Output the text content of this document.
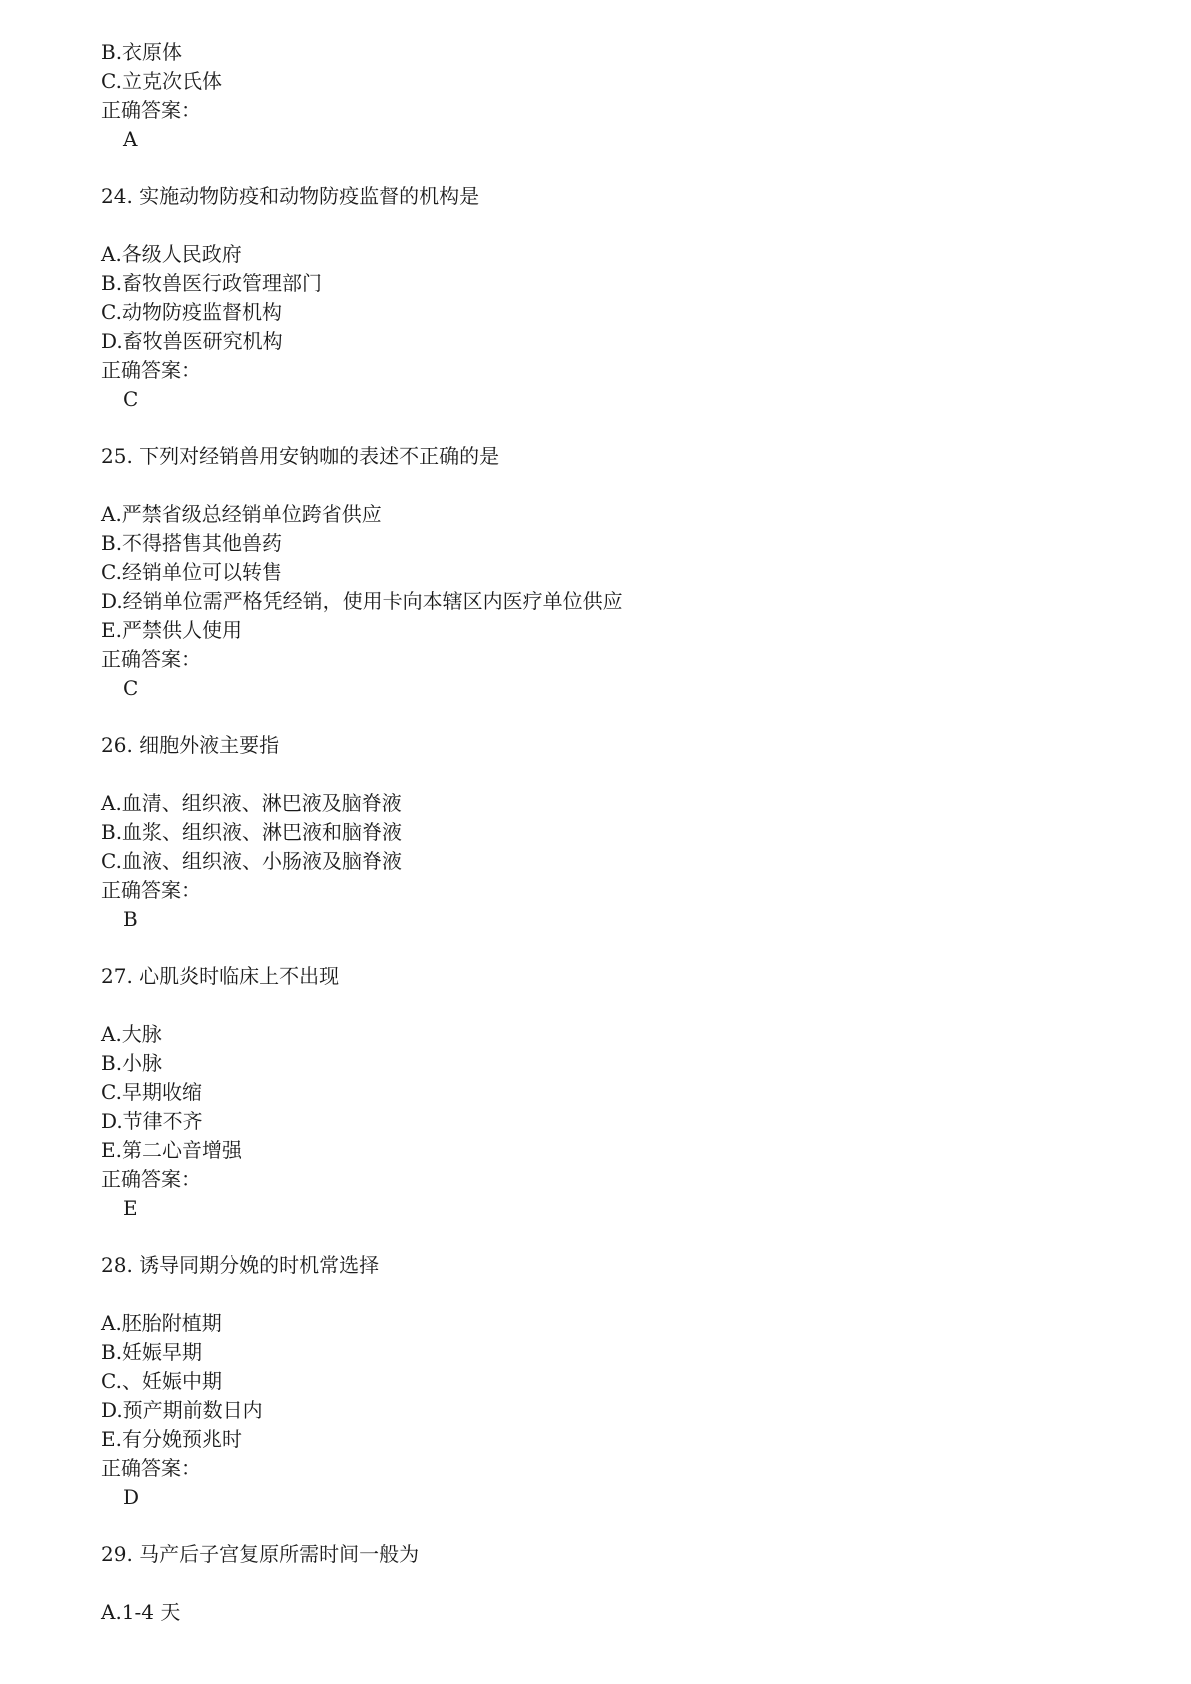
B.衣原体
C.立克次氏体
正确答案：
A
24. 实施动物防疫和动物防疫监督的机构是
A.各级人民政府
B.畜牧兽医行政管理部门
C.动物防疫监督机构
D.畜牧兽医研究机构
正确答案：
C
25. 下列对经销兽用安钠咖的表述不正确的是
A.严禁省级总经销单位跨省供应
B.不得搭售其他兽药
C.经销单位可以转售
D.经销单位需严格凭经销，使用卡向本辖区内医疗单位供应
E.严禁供人使用
正确答案：
C
26. 细胞外液主要指
A.血清、组织液、淋巴液及脑脊液
B.血浆、组织液、淋巴液和脑脊液
C.血液、组织液、小肠液及脑脊液
正确答案：
B
27. 心肌炎时临床上不出现
A.大脉
B.小脉
C.早期收缩
D.节律不齐
E.第二心音增强
正确答案：
E
28. 诱导同期分娩的时机常选择
A.胚胎附植期
B.妊娠早期
C.、妊娠中期
D.预产期前数日内
E.有分娩预兆时
正确答案：
D
29. 马产后子宫复原所需时间一般为
A.1-4 天
